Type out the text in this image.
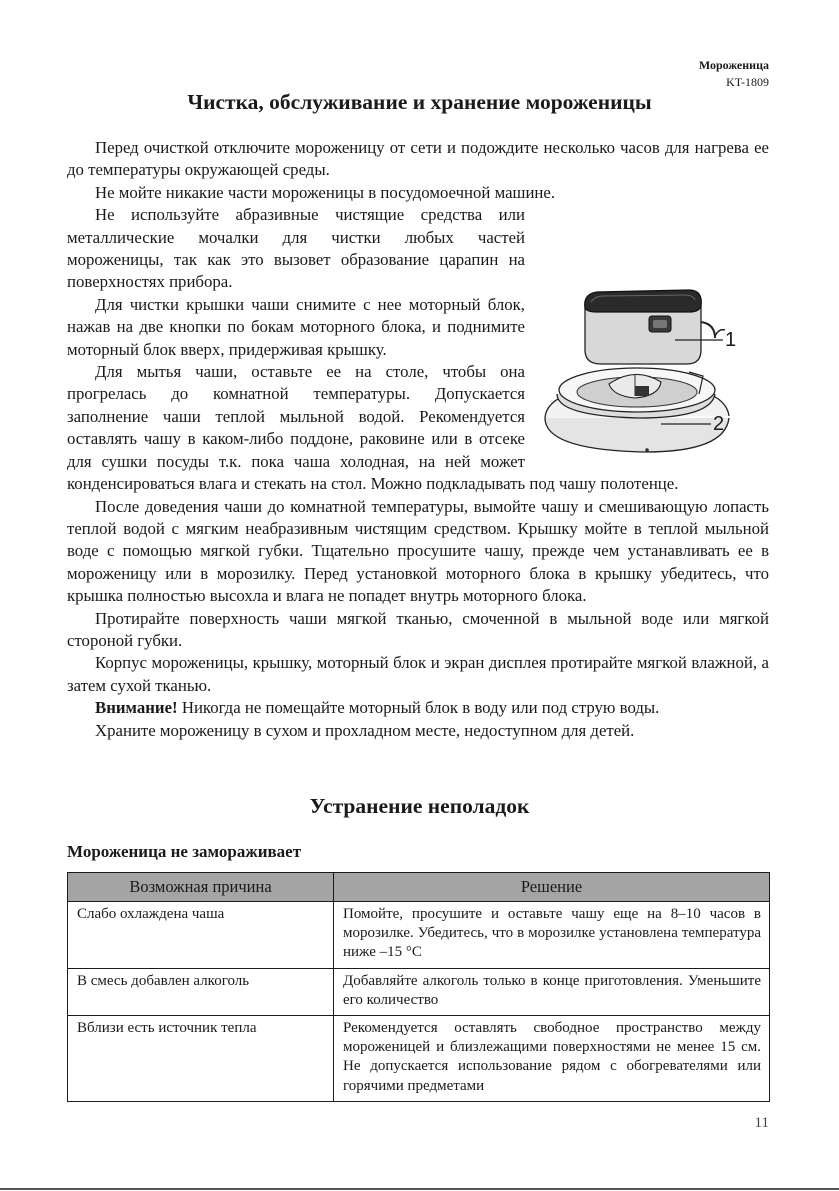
Мороженица
KT-1809
Чистка, обслуживание и хранение мороженицы

Перед очисткой отключите мороженицу от сети и подождите несколько часов для нагрева ее до температуры окружающей среды.

Не мойте никакие части мороженицы в посудомоечной машине.

1
2

Не используйте абразивные чистящие средства или металлические мочалки для чистки любых частей мороженицы, так как это вызовет образование царапин на поверхностях прибора.

Для чистки крышки чаши снимите с нее моторный блок, нажав на две кнопки по бокам моторного блока, и поднимите моторный блок вверх, придерживая крышку.

Для мытья чаши, оставьте ее на столе, чтобы она прогрелась до комнатной температуры. Допускается заполнение чаши теплой мыльной водой. Рекомендуется оставлять чашу в каком-либо поддоне, раковине или в отсеке для сушки посуды т.к. пока чаша холодная, на ней может конденсироваться влага и стекать на стол. Можно подкладывать под чашу полотенце.

После доведения чаши до комнатной температуры, вымойте чашу и смешивающую лопасть теплой водой с мягким неабразивным чистящим средством. Крышку мойте в теплой мыльной воде с помощью мягкой губки. Тщательно просушите чашу, прежде чем устанавливать ее в мороженицу или в морозилку. Перед установкой моторного блока в крышку убедитесь, что крышка полностью высохла и влага не попадет внутрь моторного блока.

Протирайте поверхность чаши мягкой тканью, смоченной в мыльной воде или мягкой стороной губки.

Корпус мороженицы, крышку, моторный блок и экран дисплея протирайте мягкой влажной, а затем сухой тканью.

Внимание! Никогда не помещайте моторный блок в воду или под струю воды.

Храните мороженицу в сухом и прохладном месте, недоступном для детей.

Устранение неполадок
Мороженица не замораживает
Возможная причина	Решение
Слабо охлаждена чаша	Помойте, просушите и оставьте чашу еще на 8–10 часов в морозилке. Убедитесь, что в морозилке установлена температура ниже –15 °С
В смесь добавлен алкоголь	Добавляйте алкоголь только в конце приготовления. Уменьшите его количество
Вблизи есть источник тепла	Рекомендуется оставлять свободное пространство между мороженицей и близлежащими поверхностями не менее 15 см. Не допускается использование рядом с обогревателями или горячими предметами
11
